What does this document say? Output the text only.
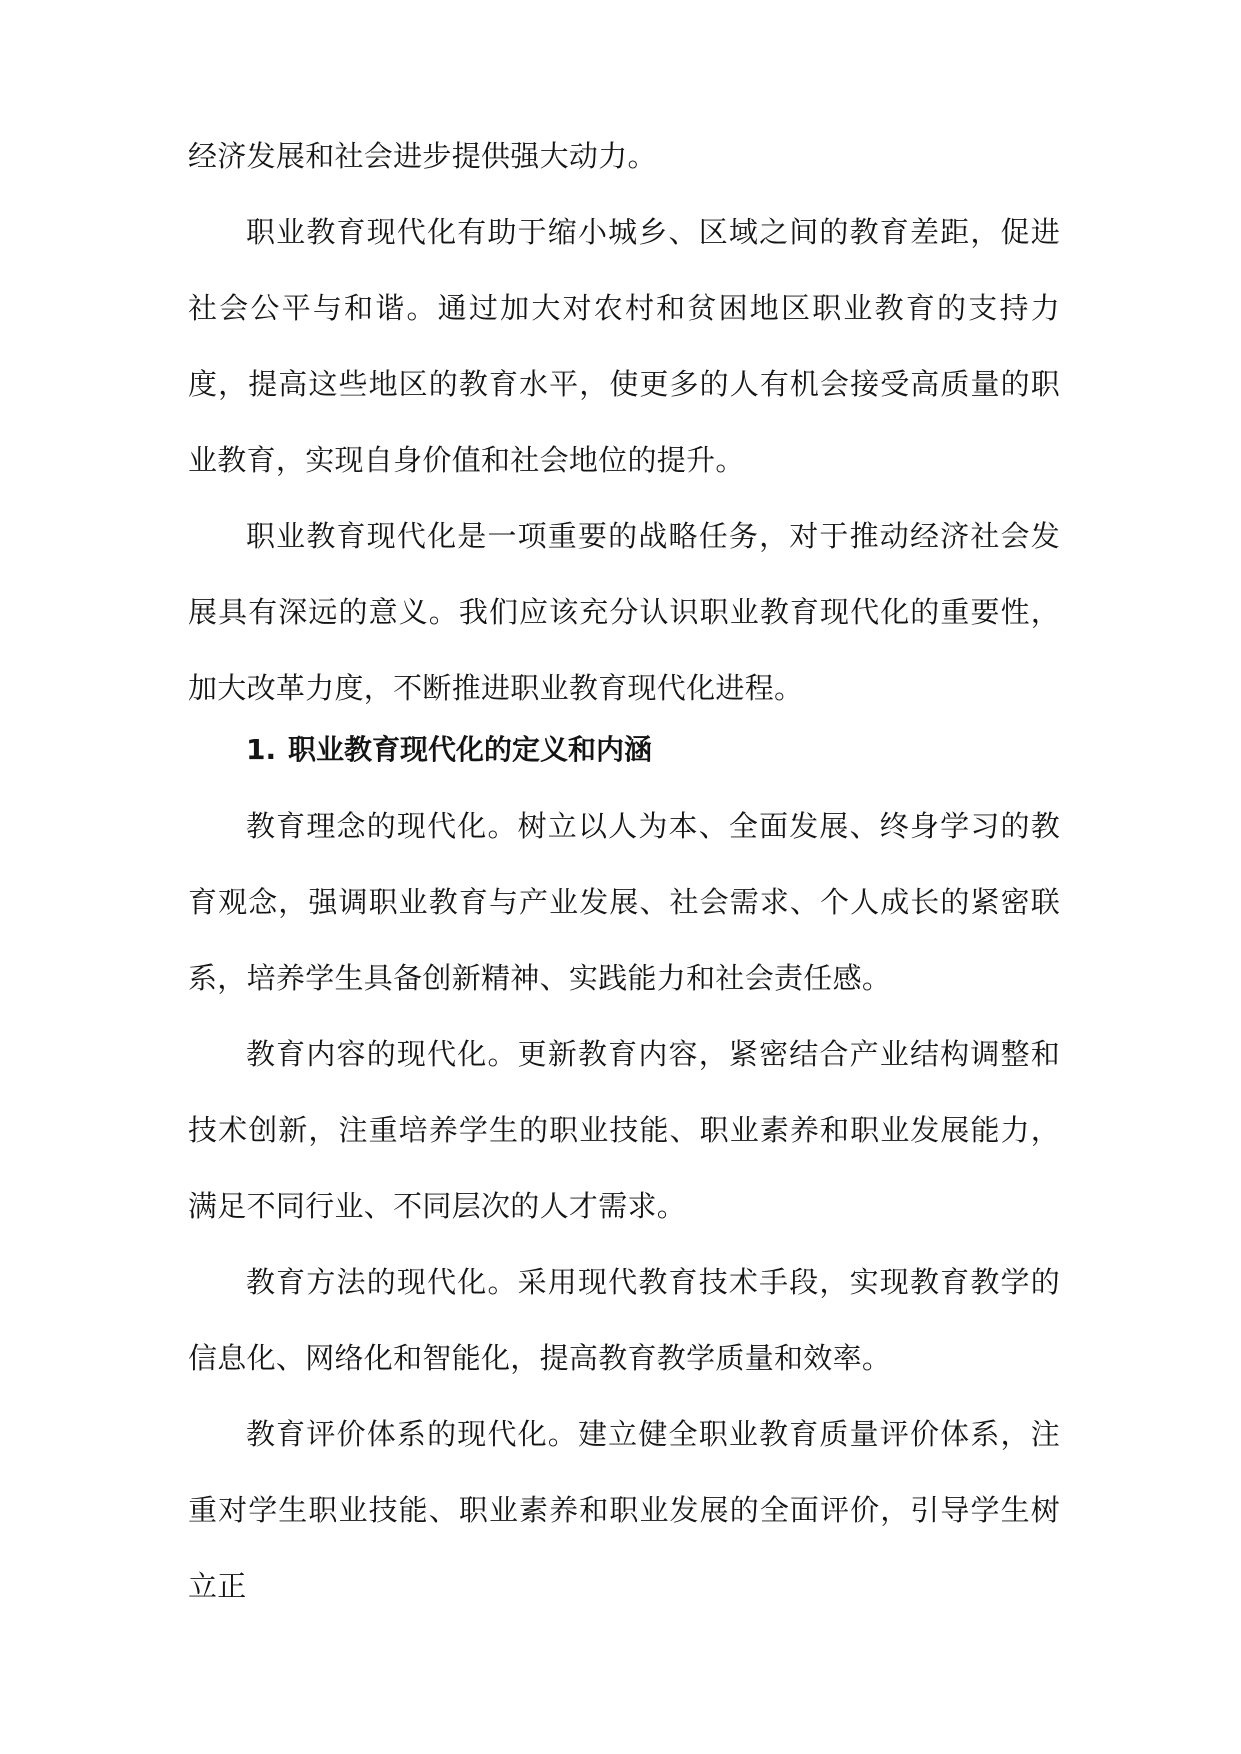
经济发展和社会进步提供强大动力。

职业教育现代化有助于缩小城乡、区域之间的教育差距，促进社会公平与和谐。通过加大对农村和贫困地区职业教育的支持力度，提高这些地区的教育水平，使更多的人有机会接受高质量的职业教育，实现自身价值和社会地位的提升。

职业教育现代化是一项重要的战略任务，对于推动经济社会发展具有深远的意义。我们应该充分认识职业教育现代化的重要性，加大改革力度，不断推进职业教育现代化进程。

1. 职业教育现代化的定义和内涵

教育理念的现代化。树立以人为本、全面发展、终身学习的教育观念，强调职业教育与产业发展、社会需求、个人成长的紧密联系，培养学生具备创新精神、实践能力和社会责任感。

教育内容的现代化。更新教育内容，紧密结合产业结构调整和技术创新，注重培养学生的职业技能、职业素养和职业发展能力，满足不同行业、不同层次的人才需求。

教育方法的现代化。采用现代教育技术手段，实现教育教学的信息化、网络化和智能化，提高教育教学质量和效率。

教育评价体系的现代化。建立健全职业教育质量评价体系，注重对学生职业技能、职业素养和职业发展的全面评价，引导学生树立正
